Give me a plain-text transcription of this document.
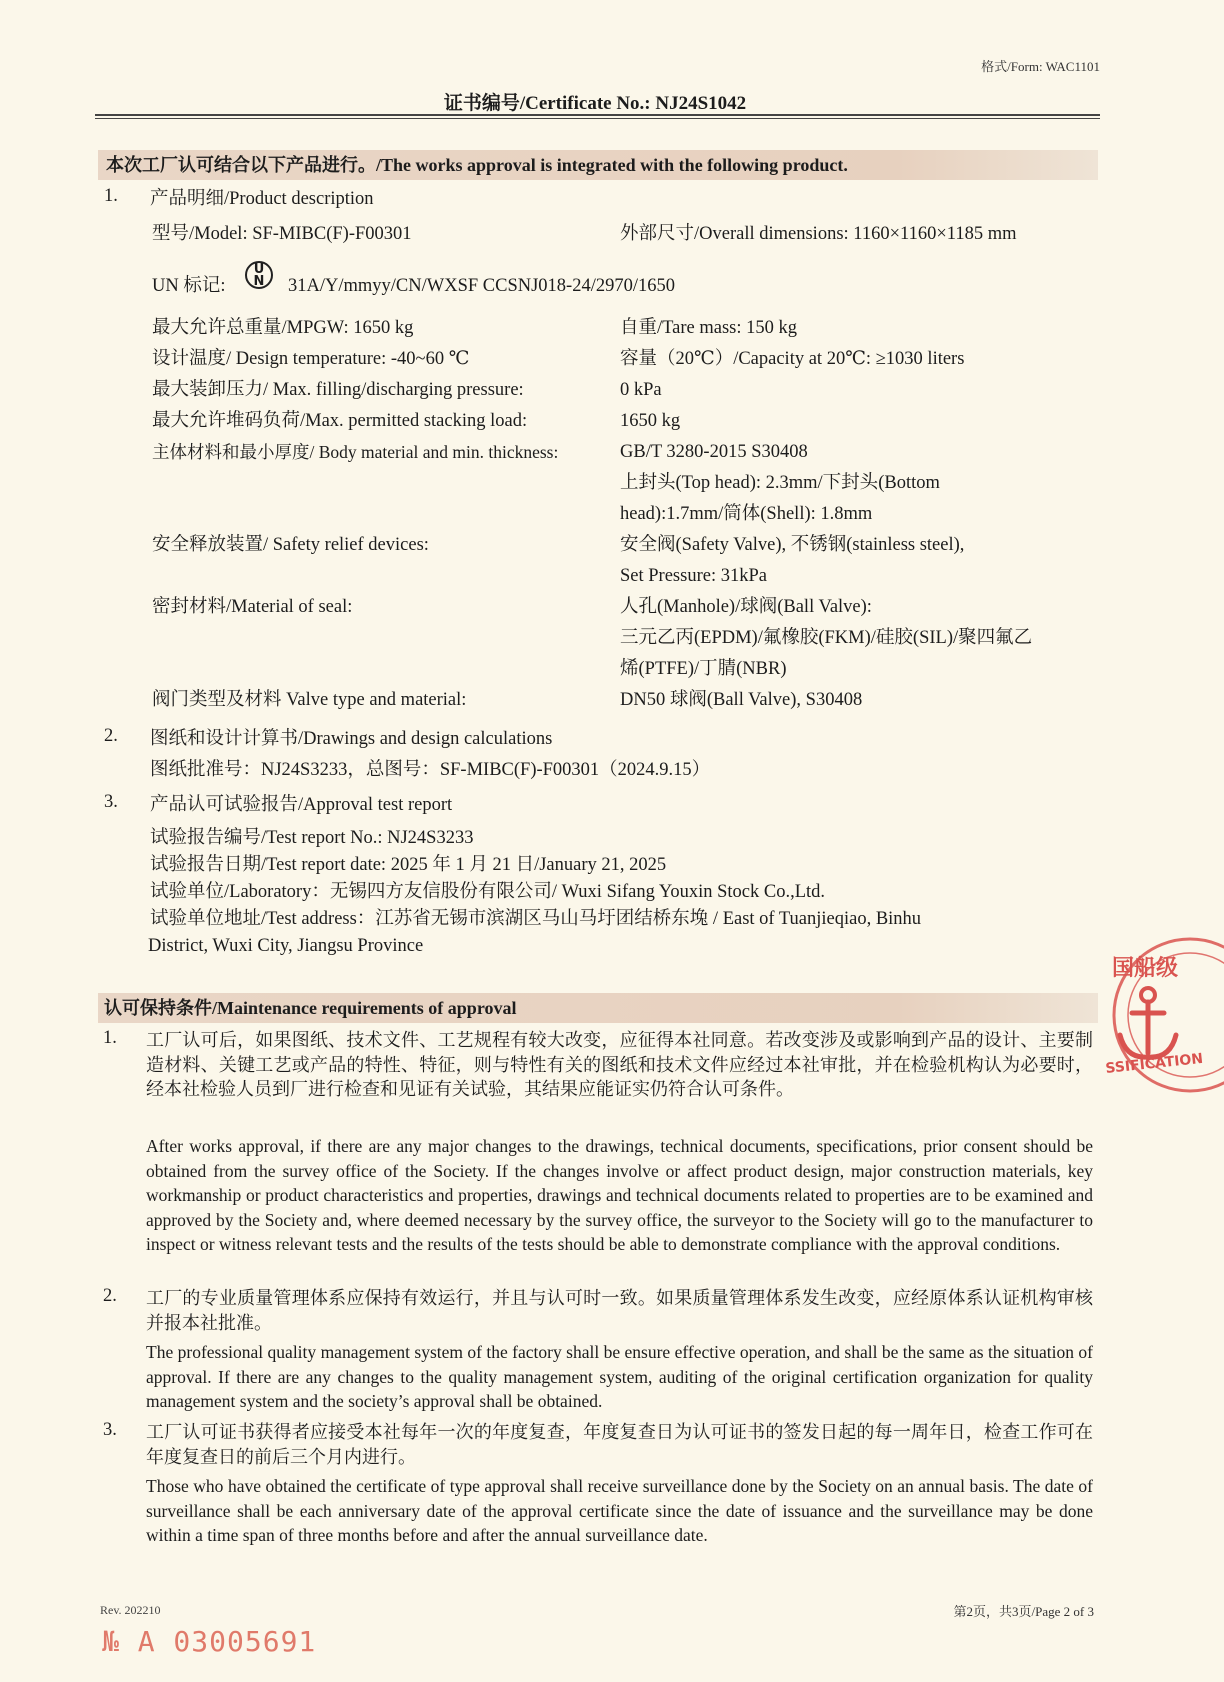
格式/Form: WAC1101
证书编号/Certificate No.: NJ24S1042
本次工厂认可结合以下产品进行。/The works approval is integrated with the following product.
1. 产品明细/Product description
型号/Model: SF-MIBC(F)-F00301	外部尺寸/Overall dimensions: 1160×1160×1185 mm
UN 标记:
U
N	31A/Y/mmyy/CN/WXSF CCSNJ018-24/2970/1650
最大允许总重量/MPGW: 1650 kg	自重/Tare mass: 150 kg
设计温度/ Design temperature: -40~60 ℃	容量（20℃）/Capacity at 20℃: ≥1030 liters
最大装卸压力/ Max. filling/discharging pressure:	0 kPa
最大允许堆码负荷/Max. permitted stacking load:	1650 kg
主体材料和最小厚度/ Body material and min. thickness:	GB/T 3280-2015 S30408
上封头(Top head): 2.3mm/下封头(Bottom
head):1.7mm/筒体(Shell): 1.8mm
安全释放装置/ Safety relief devices:	安全阀(Safety Valve), 不锈钢(stainless steel),
Set Pressure: 31kPa
密封材料/Material of seal:	人孔(Manhole)/球阀(Ball Valve):
三元乙丙(EPDM)/氟橡胶(FKM)/硅胶(SIL)/聚四氟乙
烯(PTFE)/丁腈(NBR)
阀门类型及材料 Valve type and material:	DN50 球阀(Ball Valve), S30408
2. 图纸和设计计算书/Drawings and design calculations
图纸批准号：NJ24S3233，总图号：SF-MIBC(F)-F00301（2024.9.15）
3. 产品认可试验报告/Approval test report
试验报告编号/Test report No.: NJ24S3233
试验报告日期/Test report date: 2025 年 1 月 21 日/January 21, 2025
试验单位/Laboratory：无锡四方友信股份有限公司/ Wuxi Sifang Youxin Stock Co.,Ltd.
试验单位地址/Test address：江苏省无锡市滨湖区马山马圩团结桥东堍 / East of Tuanjieqiao, Binhu
District, Wuxi City, Jiangsu Province
认可保持条件/Maintenance requirements of approval
1. 工厂认可后，如果图纸、技术文件、工艺规程有较大改变，应征得本社同意。若改变涉及或影响到产品的设计、主要制造材料、关键工艺或产品的特性、特征，则与特性有关的图纸和技术文件应经过本社审批，并在检验机构认为必要时，经本社检验人员到厂进行检查和见证有关试验，其结果应能证实仍符合认可条件。
After works approval, if there are any major changes to the drawings, technical documents, specifications, prior consent should be obtained from the survey office of the Society. If the changes involve or affect product design, major construction materials, key workmanship or product characteristics and properties, drawings and technical documents related to properties are to be examined and approved by the Society and, where deemed necessary by the survey office, the surveyor to the Society will go to the manufacturer to inspect or witness relevant tests and the results of the tests should be able to demonstrate compliance with the approval conditions.
2. 工厂的专业质量管理体系应保持有效运行，并且与认可时一致。如果质量管理体系发生改变，应经原体系认证机构审核并报本社批准。
The professional quality management system of the factory shall be ensure effective operation, and shall be the same as the situation of approval. If there are any changes to the quality management system, auditing of the original certification organization for quality management system and the society’s approval shall be obtained.
3. 工厂认可证书获得者应接受本社每年一次的年度复查，年度复查日为认可证书的签发日起的每一周年日，检查工作可在年度复查日的前后三个月内进行。
Those who have obtained the certificate of type approval shall receive surveillance done by the Society on an annual basis. The date of surveillance shall be each anniversary date of the approval certificate since the date of issuance and the surveillance may be done within a time span of three months before and after the annual surveillance date.
国船级
SSIFICATION
Rev. 202210	第2页，共3页/Page 2 of 3
№ A 03005691
